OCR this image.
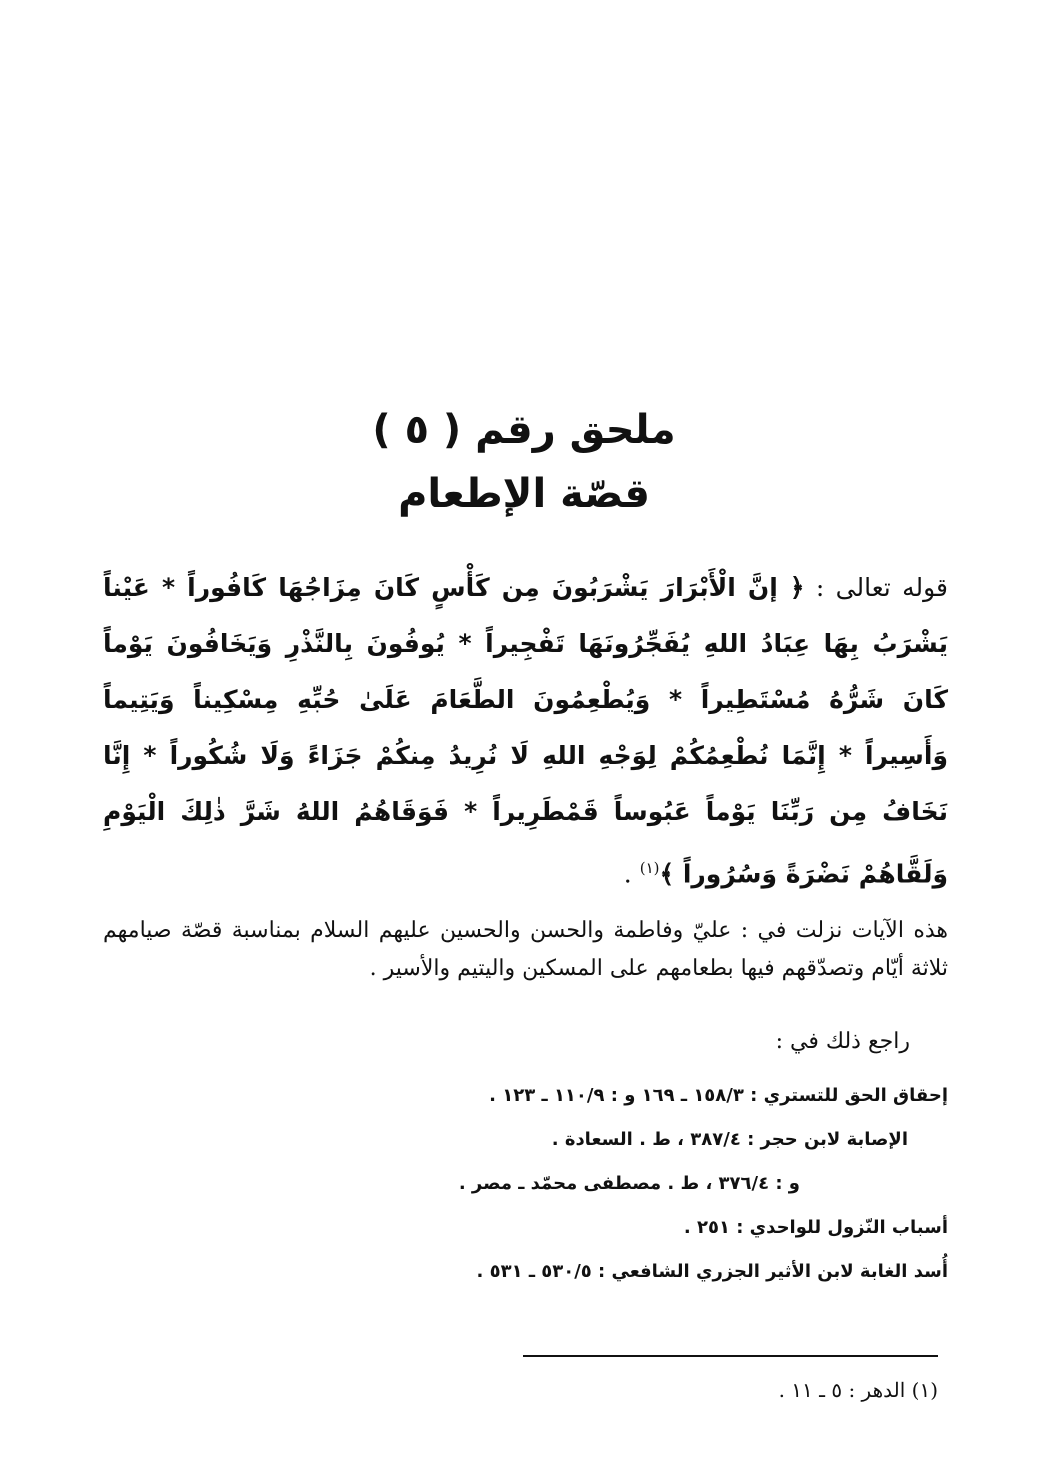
ملحق رقم ( ٥ )

قصّة الإطعام

قوله تعالى : ﴿ إنَّ الْأَبْرَارَ يَشْرَبُونَ مِن كَأْسٍ كَانَ مِزَاجُهَا كَافُوراً * عَيْناً يَشْرَبُ بِهَا عِبَادُ اللهِ يُفَجِّرُونَهَا تَفْجِيراً * يُوفُونَ بِالنَّذْرِ وَيَخَافُونَ يَوْماً كَانَ شَرُّهُ مُسْتَطِيراً * وَيُطْعِمُونَ الطَّعَامَ عَلَىٰ حُبِّهِ مِسْكِيناً وَيَتِيماً وَأَسِيراً * إِنَّمَا نُطْعِمُكُمْ لِوَجْهِ اللهِ لَا نُرِيدُ مِنكُمْ جَزَاءً وَلَا شُكُوراً * إِنَّا نَخَافُ مِن رَبِّنَا يَوْماً عَبُوساً قَمْطَرِيراً * فَوَقَاهُمُ اللهُ شَرَّ ذٰلِكَ الْيَوْمِ وَلَقَّاهُمْ نَضْرَةً وَسُرُوراً ﴾$^{(١)}$ .
هذه الآيات نزلت في : عليّ وفاطمة والحسن والحسين عليهم السلام بمناسبة قصّة صيامهم ثلاثة أيّام وتصدّقهم فيها بطعامهم على المسكين واليتيم والأسير .
راجع ذلك في :
إحقاق الحق للتستري : ١٥٨/٣ ـ ١٦٩ و : ١١٠/٩ ـ ١٢٣ .
الإصابة لابن حجر : ٣٨٧/٤ ، ط . السعادة .
و : ٣٧٦/٤ ، ط . مصطفى محمّد ـ مصر .
أسباب النّزول للواحدي : ٢٥١ .
أُسد الغابة لابن الأثير الجزري الشافعي : ٥٣٠/٥ ـ ٥٣١ .
(١) الدهر : ٥ ـ ١١ .
